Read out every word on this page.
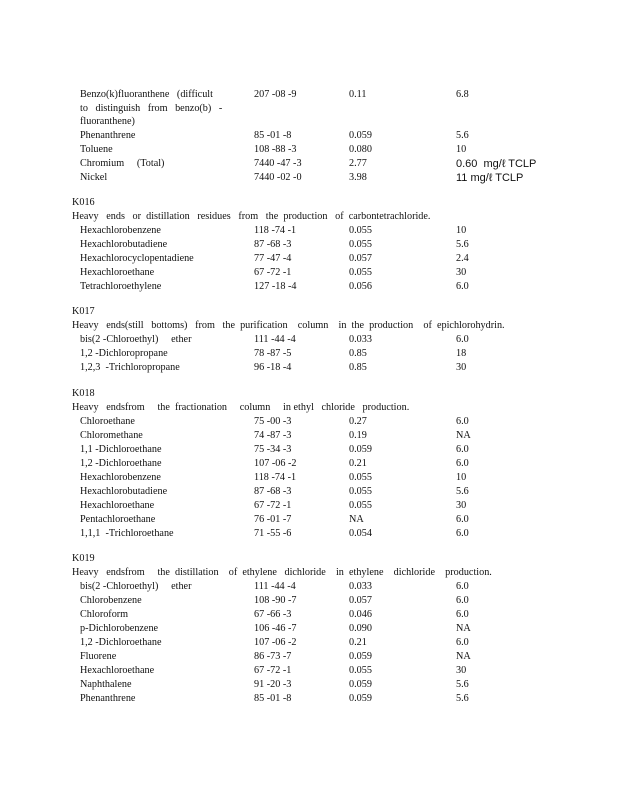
Benzo(k)fluoranthene (difficult	207 -08 -9	0.11	6.8
to distinguish from benzo(b) -
fluoranthene)
Phenanthrene	85 -01 -8	0.059	5.6
Toluene	108 -88 -3	0.080	10
Chromium     (Total)	7440 -47 -3	2.77	0.60  mg/ℓ TCLP
Nickel	7440 -02 -0	3.98	11 mg/ℓ TCLP
K016
Heavy   ends   or  distillation   residues   from   the  production   of  carbontetrachloride.
Hexachlorobenzene	118 -74 -1	0.055	10
Hexachlorobutadiene	87 -68 -3	0.055	5.6
Hexachlorocyclopentadiene	77 -47 -4	0.057	2.4
Hexachloroethane	67 -72 -1	0.055	30
Tetrachloroethylene	127 -18 -4	0.056	6.0
K017
Heavy   ends(still   bottoms)   from   the  purification    column    in  the  production    of  epichlorohydrin.
bis(2 -Chloroethyl)     ether	111 -44 -4	0.033	6.0
1,2 -Dichloropropane	78 -87 -5	0.85	18
1,2,3  -Trichloropropane	96 -18 -4	0.85	30
K018
Heavy   endsfrom     the  fractionation     column     in ethyl   chloride   production.
Chloroethane	75 -00 -3	0.27	6.0
Chloromethane	74 -87 -3	0.19	NA
1,1 -Dichloroethane	75 -34 -3	0.059	6.0
1,2 -Dichloroethane	107 -06 -2	0.21	6.0
Hexachlorobenzene	118 -74 -1	0.055	10
Hexachlorobutadiene	87 -68 -3	0.055	5.6
Hexachloroethane	67 -72 -1	0.055	30
Pentachloroethane	76 -01 -7	NA	6.0
1,1,1  -Trichloroethane	71 -55 -6	0.054	6.0
K019
Heavy   endsfrom     the  distillation    of  ethylene   dichloride    in  ethylene    dichloride    production.
bis(2 -Chloroethyl)     ether	111 -44 -4	0.033	6.0
Chlorobenzene	108 -90 -7	0.057	6.0
Chloroform	67 -66 -3	0.046	6.0
p-Dichlorobenzene	106 -46 -7	0.090	NA
1,2 -Dichloroethane	107 -06 -2	0.21	6.0
Fluorene	86 -73 -7	0.059	NA
Hexachloroethane	67 -72 -1	0.055	30
Naphthalene	91 -20 -3	0.059	5.6
Phenanthrene	85 -01 -8	0.059	5.6
